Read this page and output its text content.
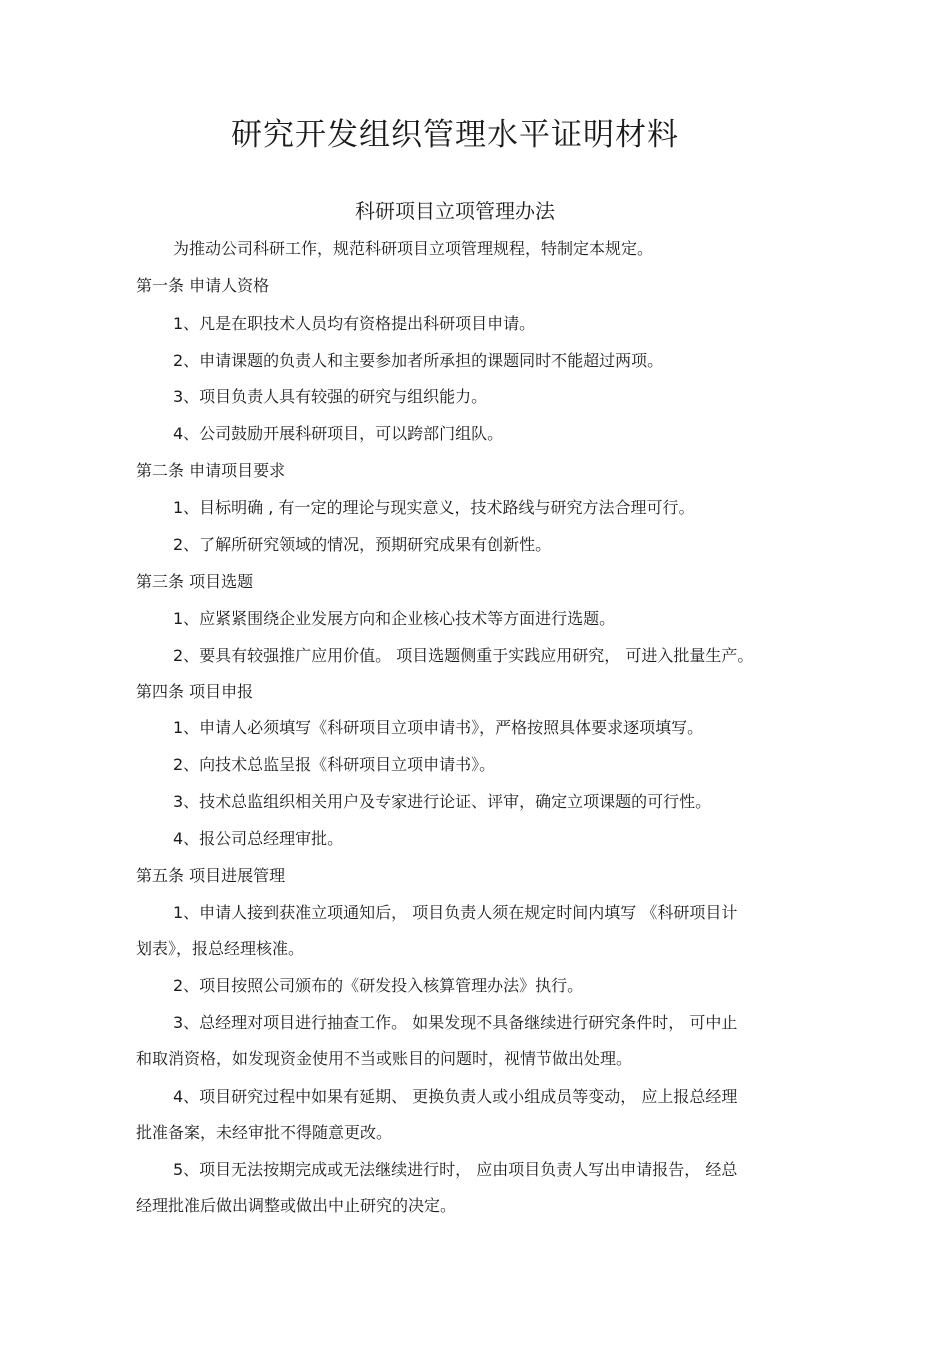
研究开发组织管理水平证明材料
科研项目立项管理办法
为推动公司科研工作，规范科研项目立项管理规程，特制定本规定。
第一条 申请人资格
1、凡是在职技术人员均有资格提出科研项目申请。
2、申请课题的负责人和主要参加者所承担的课题同时不能超过两项。
3、项目负责人具有较强的研究与组织能力。
4、公司鼓励开展科研项目，可以跨部门组队。
第二条 申请项目要求
1、目标明确 , 有一定的理论与现实意义，技术路线与研究方法合理可行。
2、了解所研究领域的情况，预期研究成果有创新性。
第三条 项目选题
1、应紧紧围绕企业发展方向和企业核心技术等方面进行选题。
2、要具有较强推广应用价值。 项目选题侧重于实践应用研究， 可进入批量生产。
第四条 项目申报
1、申请人必须填写《科研项目立项申请书》，严格按照具体要求逐项填写。
2、向技术总监呈报《科研项目立项申请书》。
3、技术总监组织相关用户及专家进行论证、评审，确定立项课题的可行性。
4、报公司总经理审批。
第五条 项目进展管理
1、申请人接到获准立项通知后， 项目负责人须在规定时间内填写 《科研项目计
划表》，报总经理核准。
2、项目按照公司颁布的《研发投入核算管理办法》执行。
3、总经理对项目进行抽查工作。 如果发现不具备继续进行研究条件时， 可中止
和取消资格，如发现资金使用不当或账目的问题时，视情节做出处理。
4、项目研究过程中如果有延期、 更换负责人或小组成员等变动， 应上报总经理
批准备案，未经审批不得随意更改。
5、项目无法按期完成或无法继续进行时， 应由项目负责人写出申请报告， 经总
经理批准后做出调整或做出中止研究的决定。
